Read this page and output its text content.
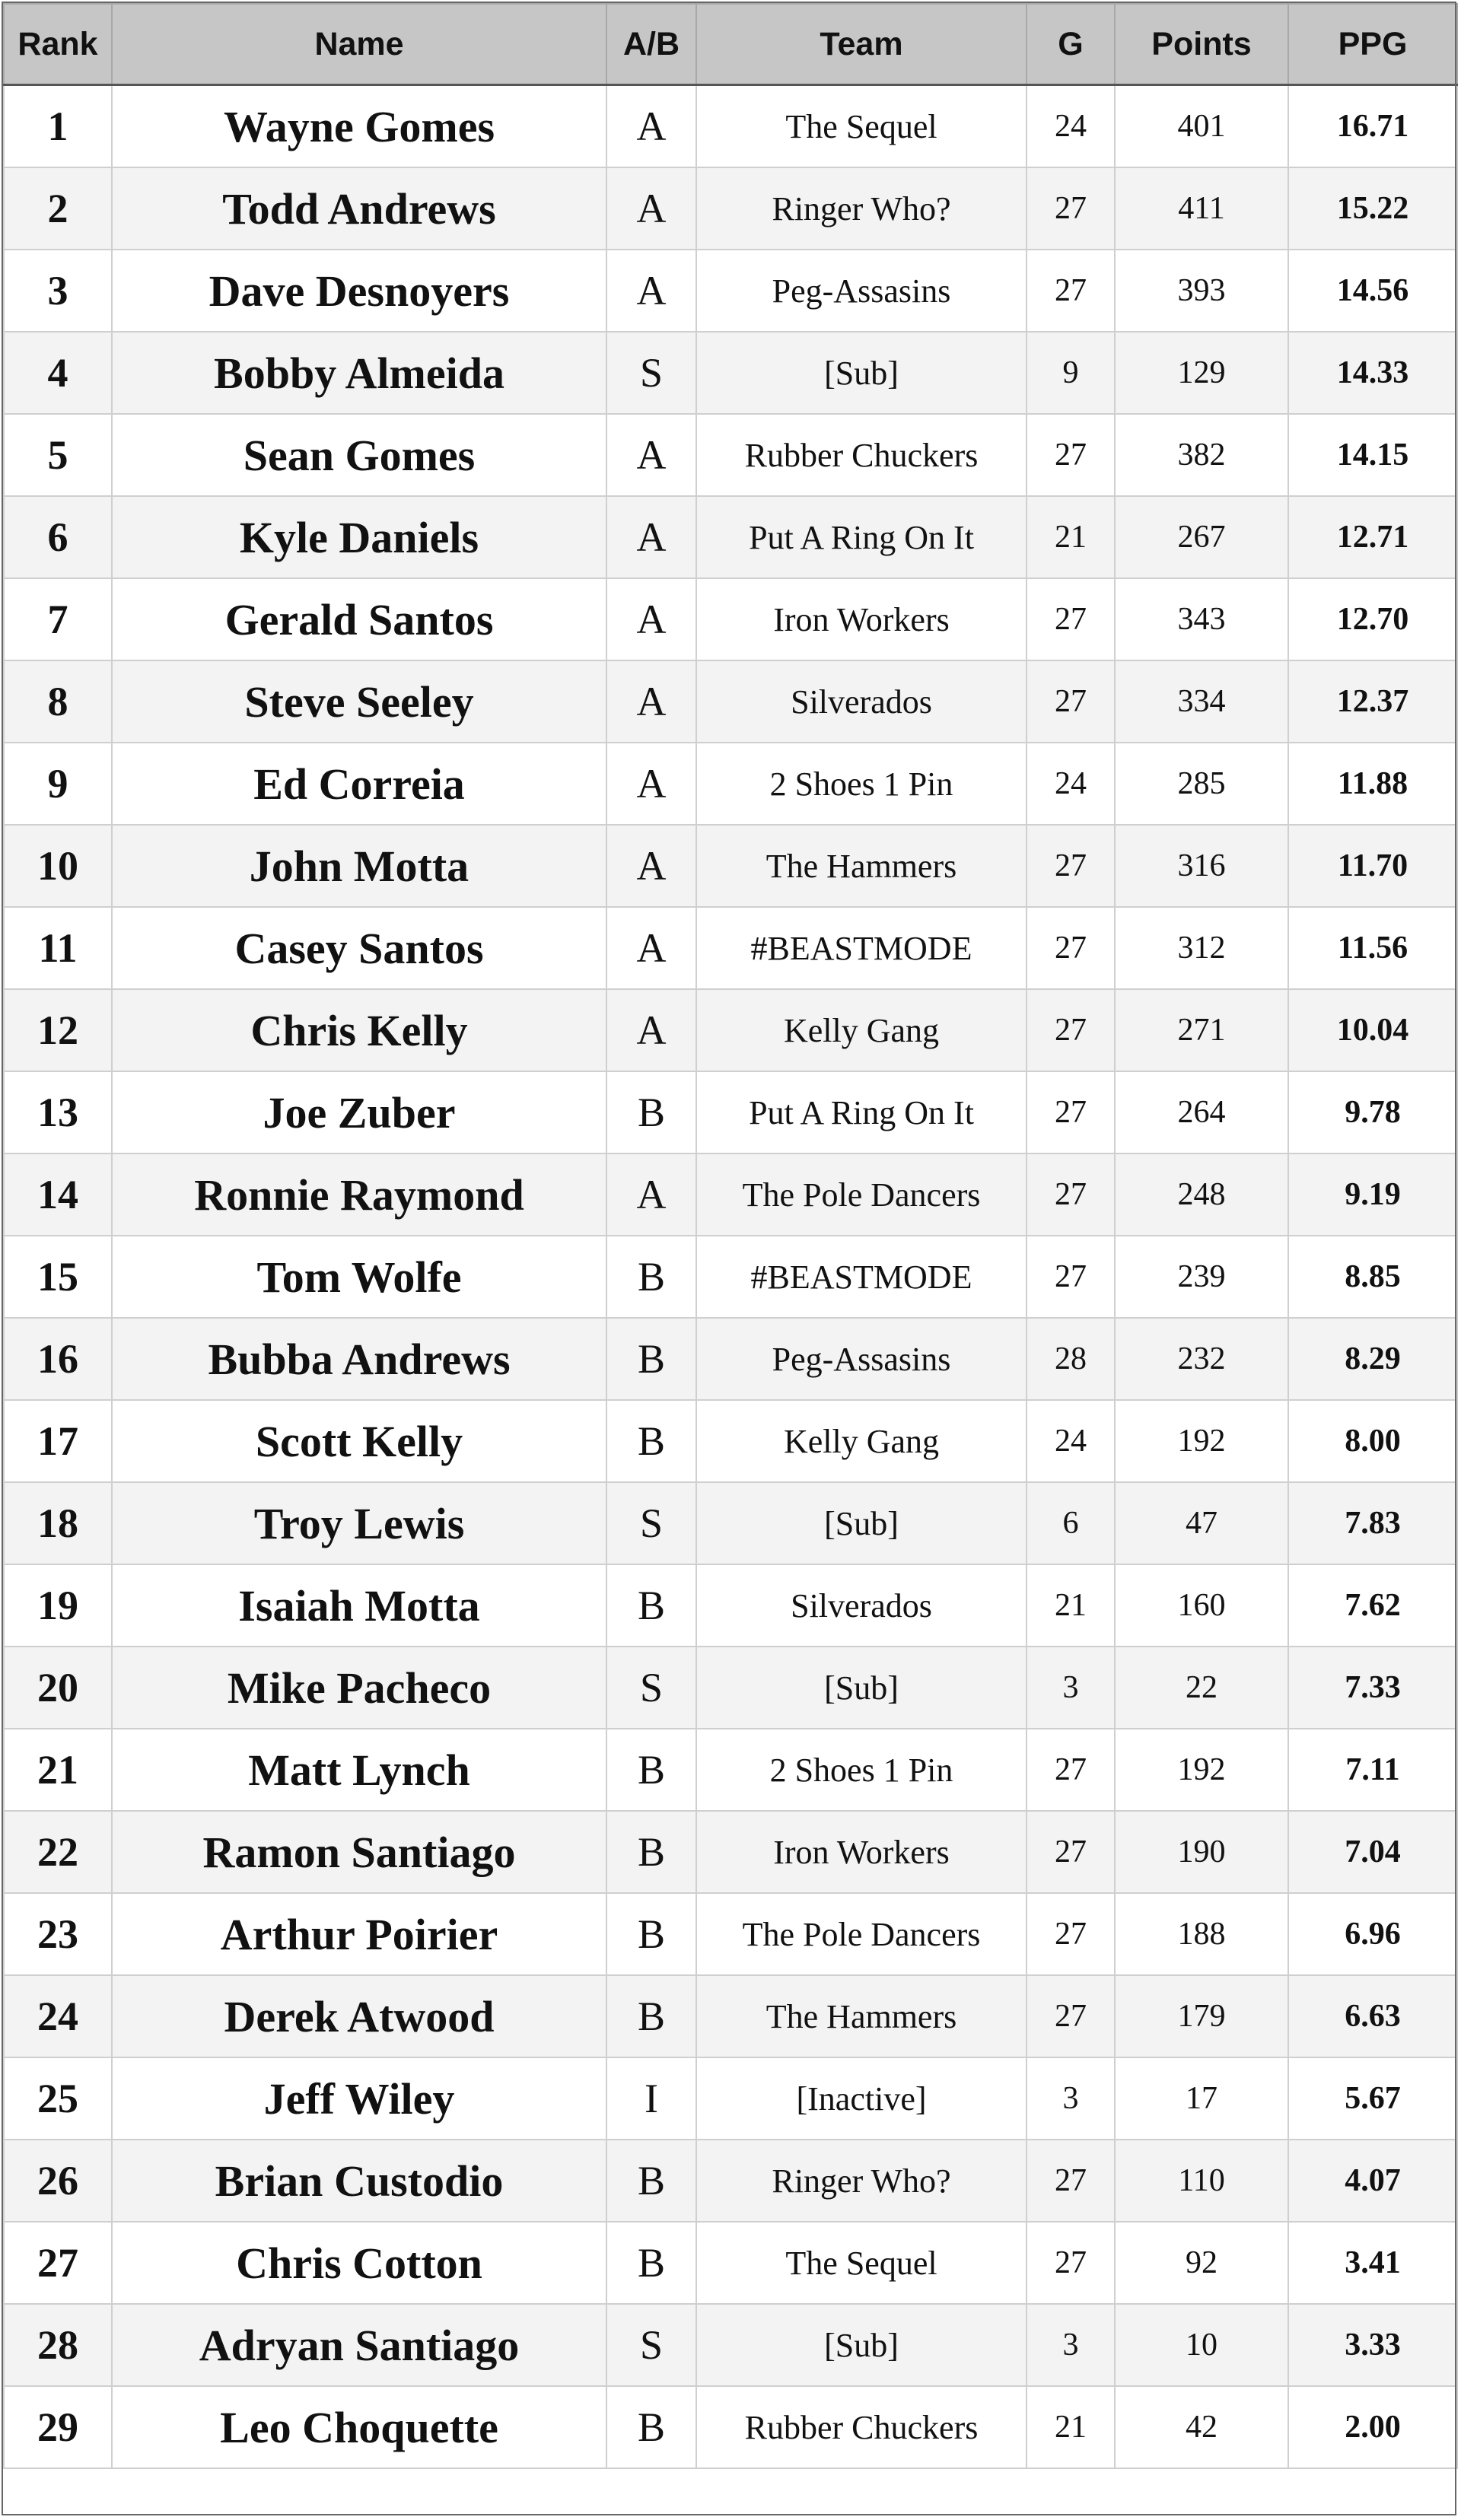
Rank	Name	A/B	Team	G	Points	PPG
1	Wayne Gomes	A	The Sequel	24	401	16.71
2	Todd Andrews	A	Ringer Who?	27	411	15.22
3	Dave Desnoyers	A	Peg-Assasins	27	393	14.56
4	Bobby Almeida	S	[Sub]	9	129	14.33
5	Sean Gomes	A	Rubber Chuckers	27	382	14.15
6	Kyle Daniels	A	Put A Ring On It	21	267	12.71
7	Gerald Santos	A	Iron Workers	27	343	12.70
8	Steve Seeley	A	Silverados	27	334	12.37
9	Ed Correia	A	2 Shoes 1 Pin	24	285	11.88
10	John Motta	A	The Hammers	27	316	11.70
11	Casey Santos	A	#BEASTMODE	27	312	11.56
12	Chris Kelly	A	Kelly Gang	27	271	10.04
13	Joe Zuber	B	Put A Ring On It	27	264	9.78
14	Ronnie Raymond	A	The Pole Dancers	27	248	9.19
15	Tom Wolfe	B	#BEASTMODE	27	239	8.85
16	Bubba Andrews	B	Peg-Assasins	28	232	8.29
17	Scott Kelly	B	Kelly Gang	24	192	8.00
18	Troy Lewis	S	[Sub]	6	47	7.83
19	Isaiah Motta	B	Silverados	21	160	7.62
20	Mike Pacheco	S	[Sub]	3	22	7.33
21	Matt Lynch	B	2 Shoes 1 Pin	27	192	7.11
22	Ramon Santiago	B	Iron Workers	27	190	7.04
23	Arthur Poirier	B	The Pole Dancers	27	188	6.96
24	Derek Atwood	B	The Hammers	27	179	6.63
25	Jeff Wiley	I	[Inactive]	3	17	5.67
26	Brian Custodio	B	Ringer Who?	27	110	4.07
27	Chris Cotton	B	The Sequel	27	92	3.41
28	Adryan Santiago	S	[Sub]	3	10	3.33
29	Leo Choquette	B	Rubber Chuckers	21	42	2.00
